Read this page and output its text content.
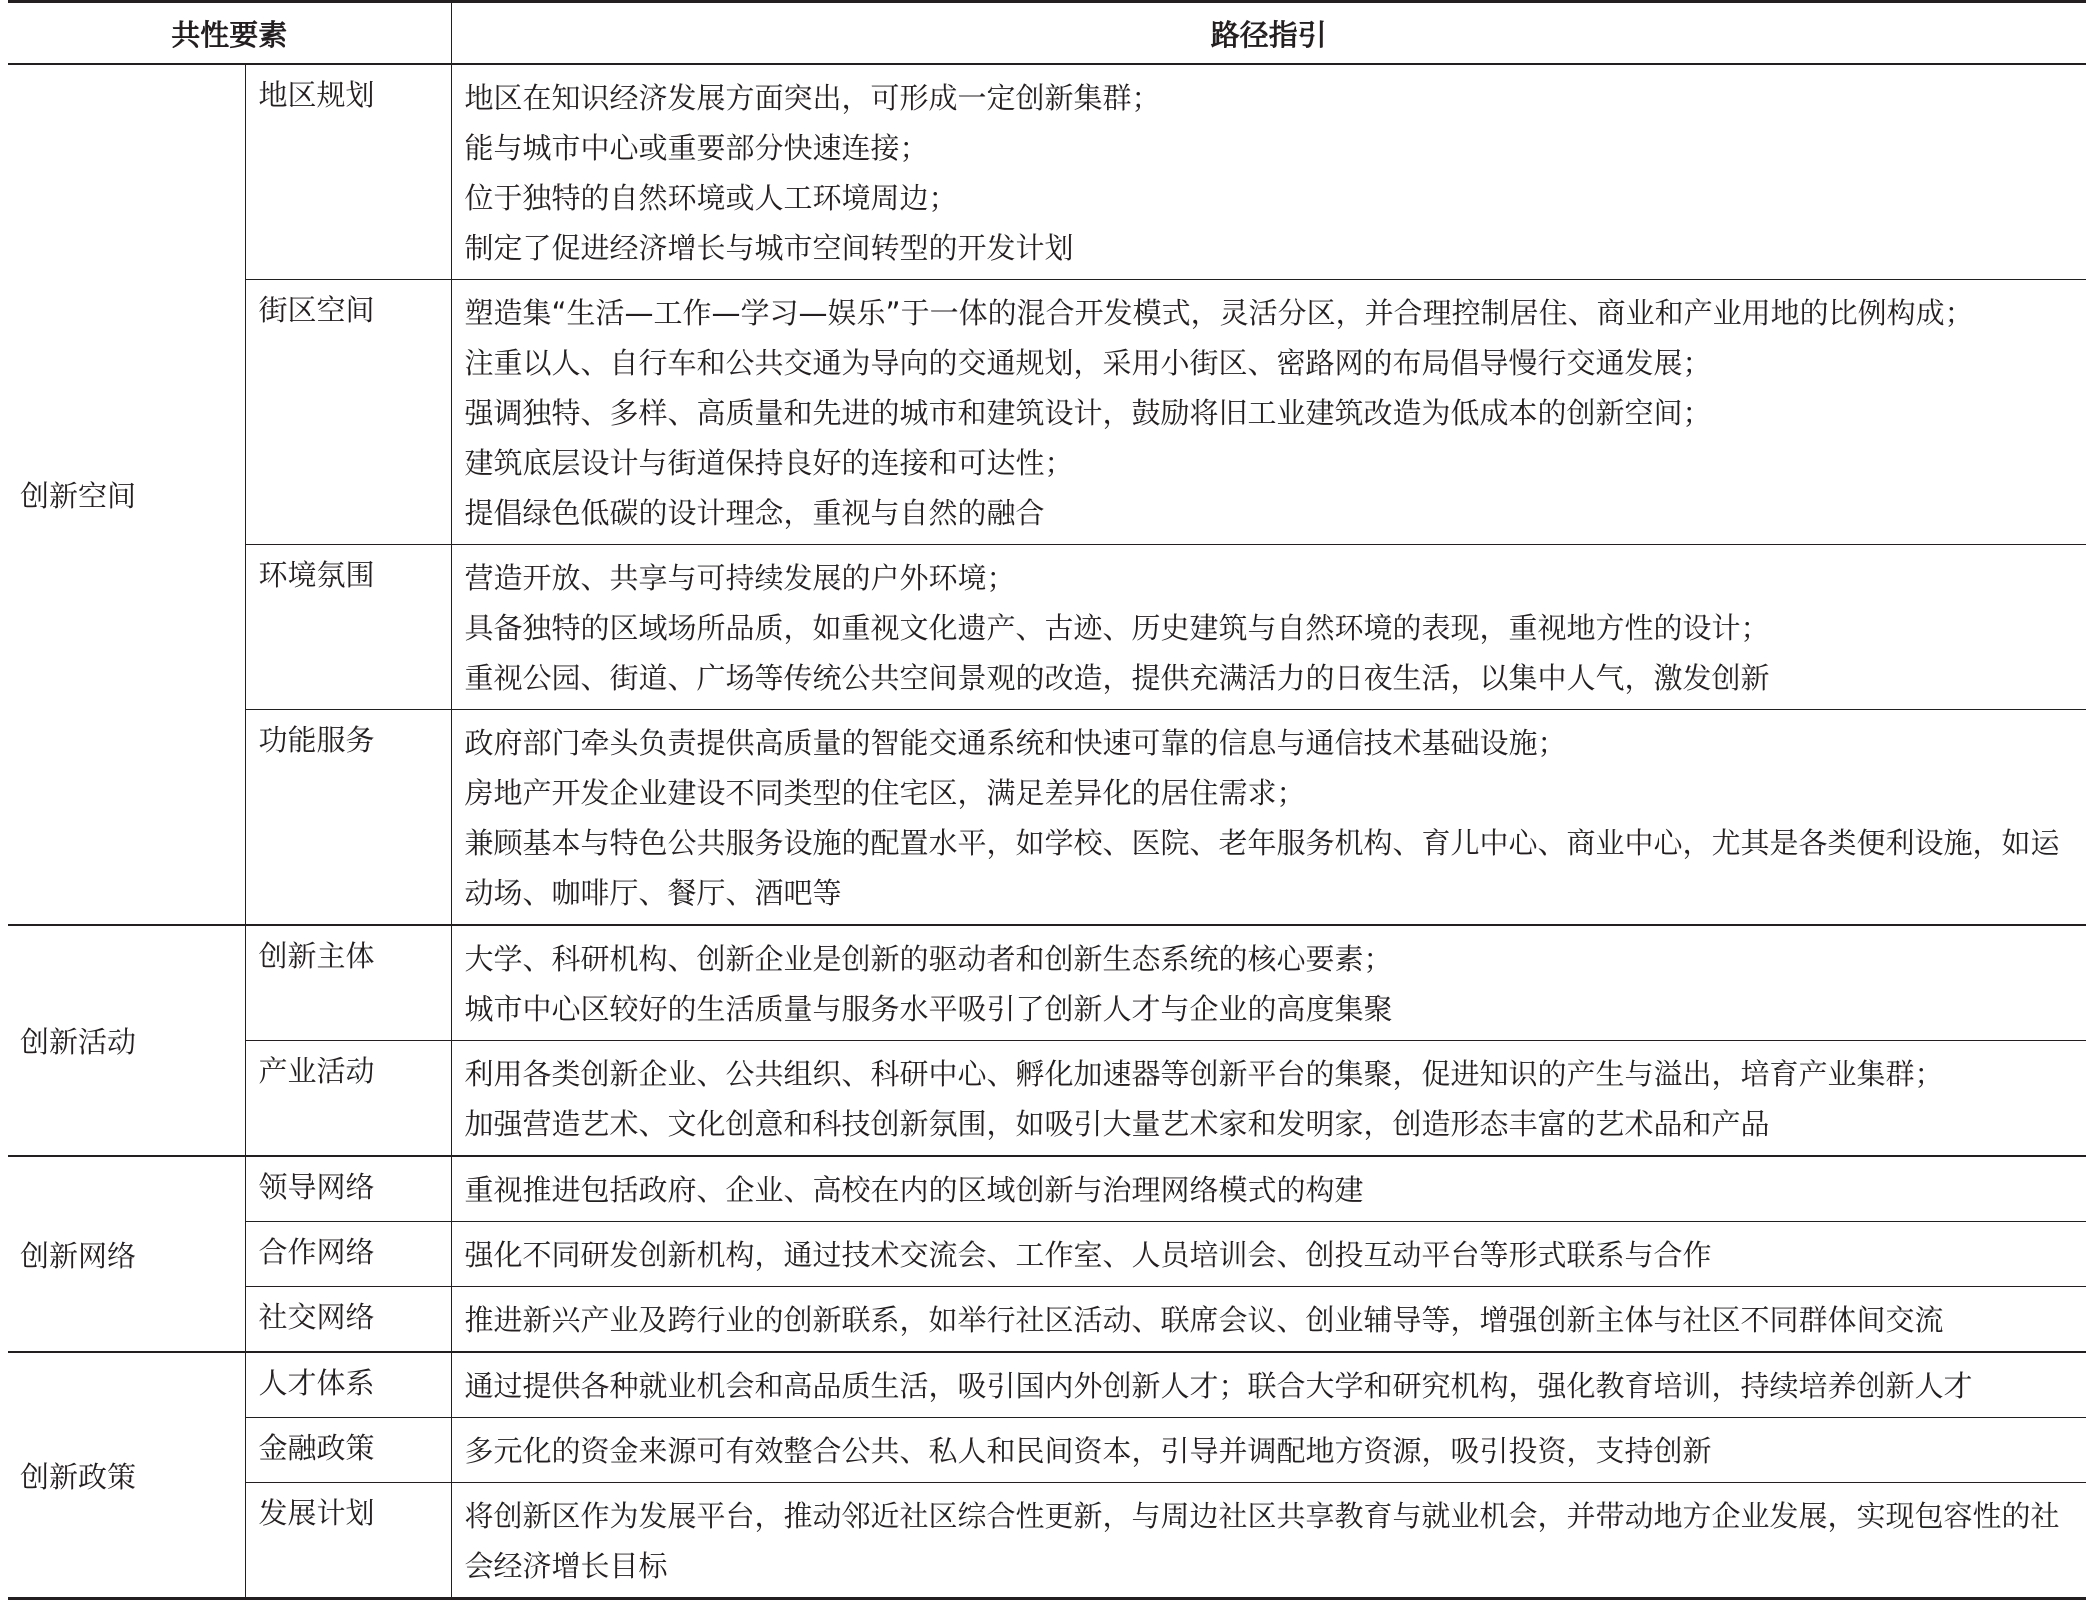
共性要素		路径指引
创新空间	地区规划	地区在知识经济发展方面突出，可形成一定创新集群；
能与城市中心或重要部分快速连接；
位于独特的自然环境或人工环境周边；
制定了促进经济增长与城市空间转型的开发计划

	街区空间	塑造集“生活—工作—学习—娱乐”于一体的混合开发模式，灵活分区，并合理控制居住、商业和产业用地的比例构成；
注重以人、自行车和公共交通为导向的交通规划，采用小街区、密路网的布局倡导慢行交通发展；
强调独特、多样、高质量和先进的城市和建筑设计，鼓励将旧工业建筑改造为低成本的创新空间；
建筑底层设计与街道保持良好的连接和可达性；
提倡绿色低碳的设计理念，重视与自然的融合

	环境氛围	营造开放、共享与可持续发展的户外环境；
具备独特的区域场所品质，如重视文化遗产、古迹、历史建筑与自然环境的表现，重视地方性的设计；
重视公园、街道、广场等传统公共空间景观的改造，提供充满活力的日夜生活，以集中人气，激发创新

	功能服务	政府部门牵头负责提供高质量的智能交通系统和快速可靠的信息与通信技术基础设施；
房地产开发企业建设不同类型的住宅区，满足差异化的居住需求；
兼顾基本与特色公共服务设施的配置水平，如学校、医院、老年服务机构、育儿中心、商业中心，尤其是各类便利设施，如运动场、咖啡厅、餐厅、酒吧等

创新活动	创新主体	大学、科研机构、创新企业是创新的驱动者和创新生态系统的核心要素；
城市中心区较好的生活质量与服务水平吸引了创新人才与企业的高度集聚

	产业活动	利用各类创新企业、公共组织、科研中心、孵化加速器等创新平台的集聚，促进知识的产生与溢出，培育产业集群；
加强营造艺术、文化创意和科技创新氛围，如吸引大量艺术家和发明家，创造形态丰富的艺术品和产品

创新网络	领导网络	重视推进包括政府、企业、高校在内的区域创新与治理网络模式的构建

	合作网络	强化不同研发创新机构，通过技术交流会、工作室、人员培训会、创投互动平台等形式联系与合作

	社交网络	推进新兴产业及跨行业的创新联系，如举行社区活动、联席会议、创业辅导等，增强创新主体与社区不同群体间交流

创新政策	人才体系	通过提供各种就业机会和高品质生活，吸引国内外创新人才；联合大学和研究机构，强化教育培训，持续培养创新人才

	金融政策	多元化的资金来源可有效整合公共、私人和民间资本，引导并调配地方资源，吸引投资，支持创新

	发展计划	将创新区作为发展平台，推动邻近社区综合性更新，与周边社区共享教育与就业机会，并带动地方企业发展，实现包容性的社会经济增长目标
